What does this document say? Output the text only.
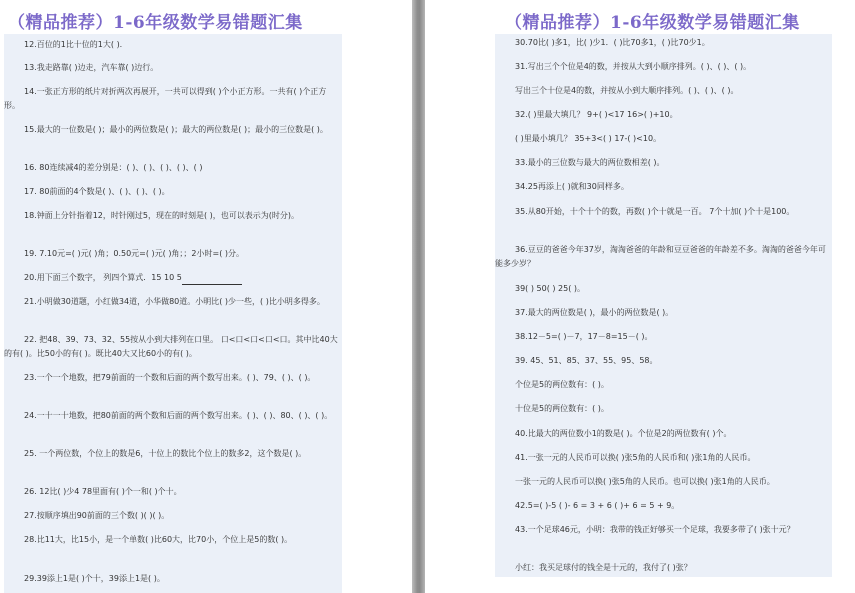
（精品推荐）1-6年级数学易错题汇集
12.百位的1比十位的1大( ).
13.我走路靠( )边走，汽车靠( )边行。
14.一张正方形的纸片对折两次再展开，一共可以得到( )个小正方形。一共有( )个正方形。
15.最大的一位数是( )；最小的两位数是( )；最大的两位数是( )；最小的三位数是( )。
16. 80连续减4的差分别是：( )、( )、( )、( )、( )
17. 80前面的4个数是( )、( )、( )、( )。
18.钟面上分针指着12，时针刚过5，现在的时刻是( )，也可以表示为(时分)。
19. 7.10元=( )元( )角；0.50元=( )元( )角；；2小时=( )分。
20.用下面三个数字， 列四个算式．15 10 5
21.小明做30道题，小红做34道，小华做80道。小明比( )少一些，( )比小明多得多。
22. 把48、39、73、32、55按从小到大排列在口里。 口<口<口<口<口。其中比40大的有( )。比50小的有( )。既比40大又比60小的有( )。
23.一个一个地数，把79前面的一个数和后面的两个数写出来。( )、79、( )、( )。
24.一十一十地数，把80前面的两个数和后面的两个数写出来。( )、( )、80、( )、( )。
25. 一个两位数，个位上的数是6，十位上的数比个位上的数多2，这个数是( )。
26. 12比( )少4 78里面有( )个一和( )个十。
27.按顺序填出90前面的三个数( )( )( )。
28.比11大，比15小，是一个单数( )比60大，比70小，个位上是5的数( )。
29.39添上1是( )个十，39添上1是( )。
（精品推荐）1-6年级数学易错题汇集
30.70比( )多1，比( )少1．( )比70多1，( )比70少1。
31.写出三个个位是4的数，并按从大到小顺序排列。( )、( )、( )。
写出三个十位是4的数，并按从小到大顺序排列。( )、( )、( )。
32.( )里最大填几？ 9+( )<17 16>( )+10。
( )里最小填几？ 35+3<( ) 17-( )<10。
33.最小的三位数与最大的两位数相差( )。
34.25再添上( )就和30同样多。
35.从80开始，十个十个的数，再数( )个十就是一百。 7个十加( )个十是100。
36.豆豆的爸爸今年37岁，淘淘爸爸的年龄和豆豆爸爸的年龄差不多。淘淘的爸爸今年可能多少岁？
39( ) 50( ) 25( )。
37.最大的两位数是( )，最小的两位数是( )。
38.12－5=( )－7，17－8=15－( )。
39. 45、51、85、37、55、95、58。
个位是5的两位数有：( )。
十位是5的两位数有：( )。
40.比最大的两位数小1的数是( )。个位是2的两位数有( )个。
41.一张一元的人民币可以换( )张5角的人民币和( )张1角的人民币。
一张一元的人民币可以换( )张5角的人民币。也可以换( )张1角的人民币。
42.5=( )-5 ( )- 6 = 3 + 6 ( )+ 6 = 5 + 9。
43.一个足球46元，小明：我带的钱正好够买一个足球，我要多带了( )张十元？
小红：我买足球付的钱全是十元的，我付了( )张？
